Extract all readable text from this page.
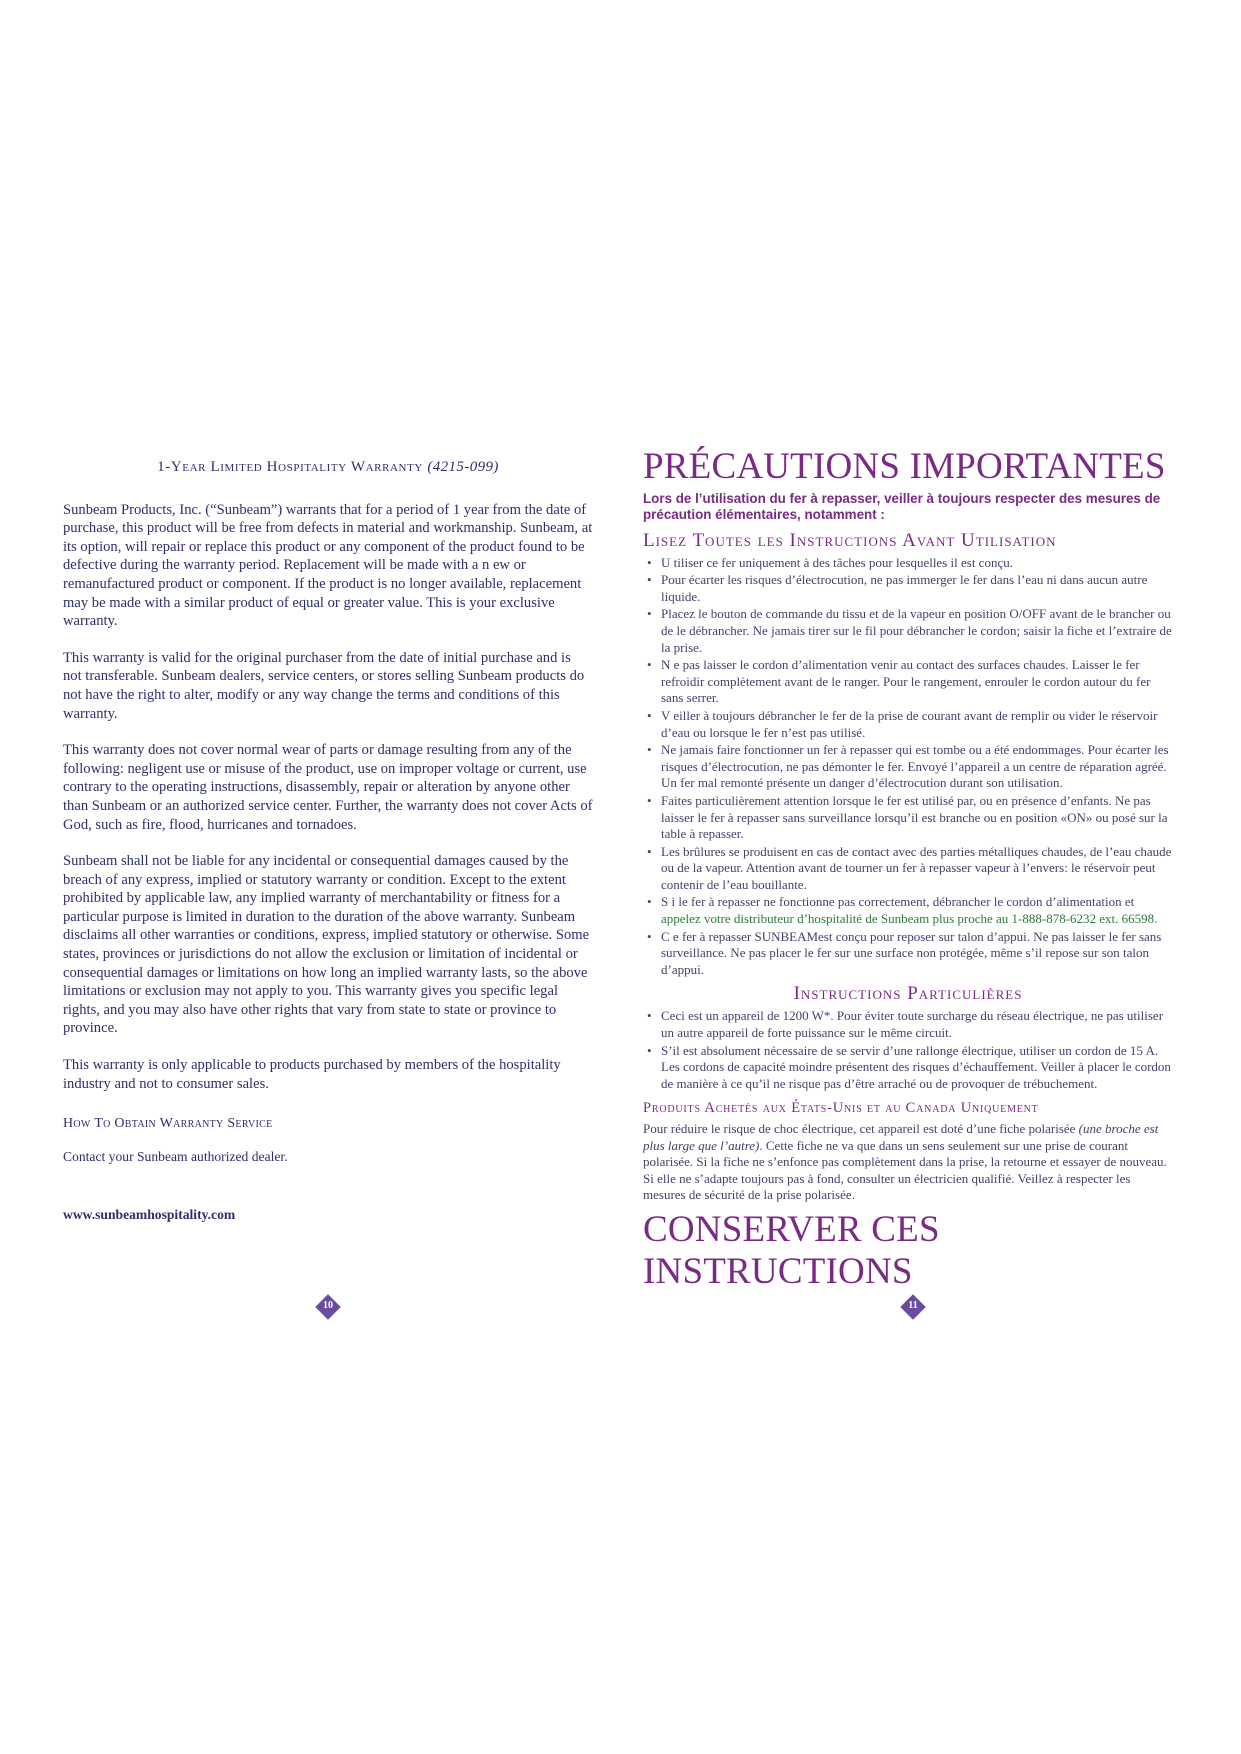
1-Year Limited Hospitality Warranty (4215-099)

Sunbeam Products, Inc. (“Sunbeam”) warrants that for a period of 1 year from the date of purchase, this product will be free from defects in material and workmanship. Sunbeam, at its option, will repair or replace this product or any component of the product found to be defective during the warranty period. Replacement will be made with a n ew or remanufactured product or component. If the product is no longer available, replacement may be made with a similar product of equal or greater value. This is your exclusive warranty.

This warranty is valid for the original purchaser from the date of initial purchase and is not transferable. Sunbeam dealers, service centers, or stores selling Sunbeam products do not have the right to alter, modify or any way change the terms and conditions of this warranty.

This warranty does not cover normal wear of parts or damage resulting from any of the following: negligent use or misuse of the product, use on improper voltage or current, use contrary to the operating instructions, disassembly, repair or alteration by anyone other than Sunbeam or an authorized service center. Further, the warranty does not cover Acts of God, such as fire, flood, hurricanes and tornadoes.

Sunbeam shall not be liable for any incidental or consequential damages caused by the breach of any express, implied or statutory warranty or condition. Except to the extent prohibited by applicable law, any implied warranty of merchantability or fitness for a particular purpose is limited in duration to the duration of the above warranty. Sunbeam disclaims all other warranties or conditions, express, implied statutory or otherwise. Some states, provinces or jurisdictions do not allow the exclusion or limitation of incidental or consequential damages or limitations on how long an implied warranty lasts, so the above limitations or exclusion may not apply to you. This warranty gives you specific legal rights, and you may also have other rights that vary from state to state or province to province.

This warranty is only applicable to products purchased by members of the hospitality industry and not to consumer sales.

How To Obtain Warranty Service
Contact your Sunbeam authorized dealer.
www.sunbeamhospitality.com
10
PRÉCAUTIONS IMPORTANTES
Lors de l’utilisation du fer à repasser, veiller à toujours respecter des mesures de précaution élémentaires, notamment :
Lisez Toutes les Instructions Avant Utilisation
• U tiliser ce fer uniquement à des tâches pour lesquelles il est conçu.
• Pour écarter les risques d’électrocution, ne pas immerger le fer dans l’eau ni dans aucun autre liquide.
• Placez le bouton de commande du tissu et de la vapeur en position O/OFF avant de le brancher ou de le débrancher. Ne jamais tirer sur le fil pour débrancher le cordon; saisir la fiche et l’extraire de la prise.
• N e pas laisser le cordon d’alimentation venir au contact des surfaces chaudes. Laisser le fer refroidir complètement avant de le ranger. Pour le rangement, enrouler le cordon autour du fer sans serrer.
• V eiller à toujours débrancher le fer de la prise de courant avant de remplir ou vider le réservoir d’eau ou lorsque le fer n’est pas utilisé.
• Ne jamais faire fonctionner un fer à repasser qui est tombe ou a été endommages. Pour écarter les risques d’électrocution, ne pas démonter le fer. Envoyé l’appareil a un centre de réparation agréé. Un fer mal remonté présente un danger d’électrocution durant son utilisation.
• Faites particulièrement attention lorsque le fer est utilisé par, ou en présence d’enfants. Ne pas laisser le fer à repasser sans surveillance lorsqu’il est branche ou en position «ON» ou posé sur la table à repasser.
• Les brûlures se produisent en cas de contact avec des parties métalliques chaudes, de l’eau chaude ou de la vapeur. Attention avant de tourner un fer à repasser vapeur à l’envers: le réservoir peut contenir de l’eau bouillante.
• S i le fer à repasser ne fonctionne pas correctement, débrancher le cordon d’alimentation et appelez votre distributeur d’hospitalité de Sunbeam plus proche au 1-888-878-6232 ext. 66598.
• C e fer à repasser SUNBEAMest conçu pour reposer sur talon d’appui. Ne pas laisser le fer sans surveillance. Ne pas placer le fer sur une surface non protégée, même s’il repose sur son talon d’appui.
Instructions Particulières
• Ceci est un appareil de 1200 W*. Pour éviter toute surcharge du réseau électrique, ne pas utiliser un autre appareil de forte puissance sur le même circuit.
• S’il est absolument nécessaire de se servir d’une rallonge électrique, utiliser un cordon de 15 A. Les cordons de capacité moindre présentent des risques d’échauffement. Veiller à placer le cordon de manière à ce qu’il ne risque pas d’être arraché ou de provoquer de trébuchement.
Produits Achetés aux États-Unis et au Canada Uniquement

Pour réduire le risque de choc électrique, cet appareil est doté d’une fiche polarisée (une broche est plus large que l’autre). Cette fiche ne va que dans un sens seulement sur une prise de courant polarisée. Si la fiche ne s’enfonce pas complètement dans la prise, la retourne et essayer de nouveau. Si elle ne s’adapte toujours pas à fond, consulter un électricien qualifié. Veillez à respecter les mesures de sécurité de la prise polarisée.

CONSERVER CES INSTRUCTIONS
11
